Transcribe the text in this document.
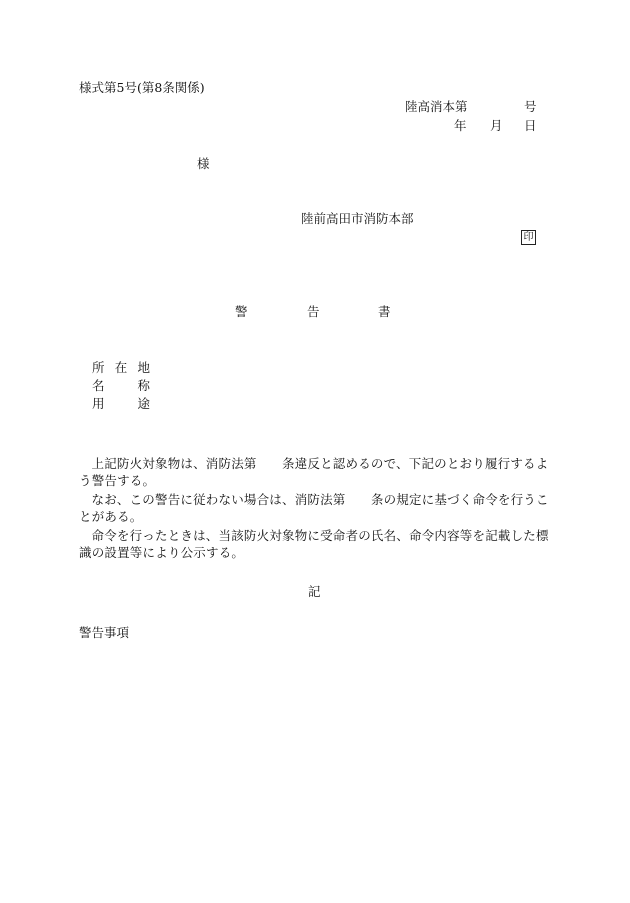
様式第5号(第8条関係)
陸高消本第	号
年 月 日
様
陸前高田市消防本部
印
警	告	書
所 在 地
名	称
用	途
上記防火対象物は、消防法第　　条違反と認めるので、下記のとおり履行するよう警告する。
なお、この警告に従わない場合は、消防法第　　条の規定に基づく命令を行うことがある。
命令を行ったときは、当該防火対象物に受命者の氏名、命令内容等を記載した標識の設置等により公示する。
記
警告事項
